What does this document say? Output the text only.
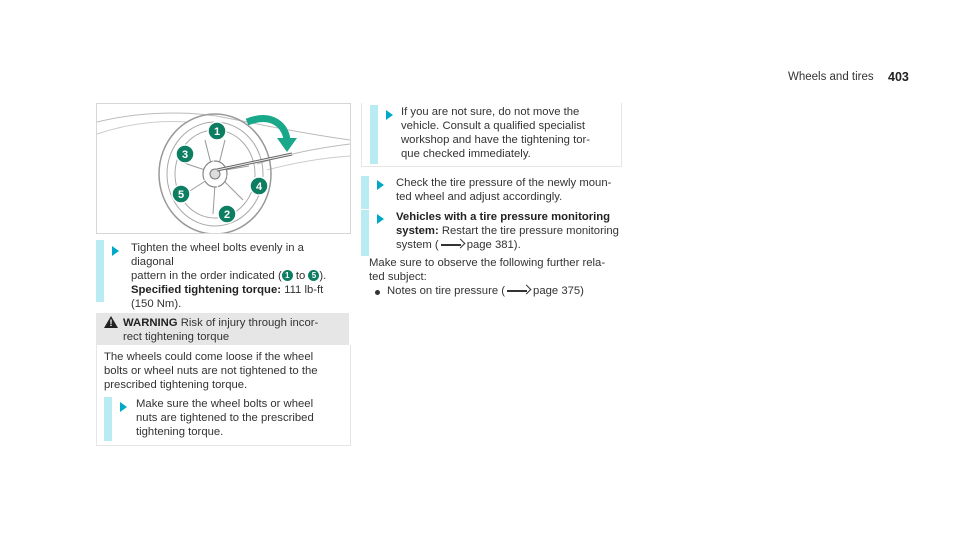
Wheels and tires 403
1
2
3
4
5
Tighten the wheel bolts evenly in a diagonal
pattern in the order indicated ( 1 to 5 ).
Specified tightening torque: 111 lb-ft
(150 Nm).
! WARNING Risk of injury through incor-
rect tightening torque
The wheels could come loose if the wheel
bolts or wheel nuts are not tightened to the
prescribed tightening torque.
Make sure the wheel bolts or wheel
nuts are tightened to the prescribed
tightening torque.
If you are not sure, do not move the
vehicle. Consult a qualified specialist
workshop and have the tightening tor-
que checked immediately.
Check the tire pressure of the newly moun-
ted wheel and adjust accordingly.
Vehicles with a tire pressure monitoring
system: Restart the tire pressure monitoring
system ( page 381).
Make sure to observe the following further rela-
ted subject:
Notes on tire pressure ( page 375)
